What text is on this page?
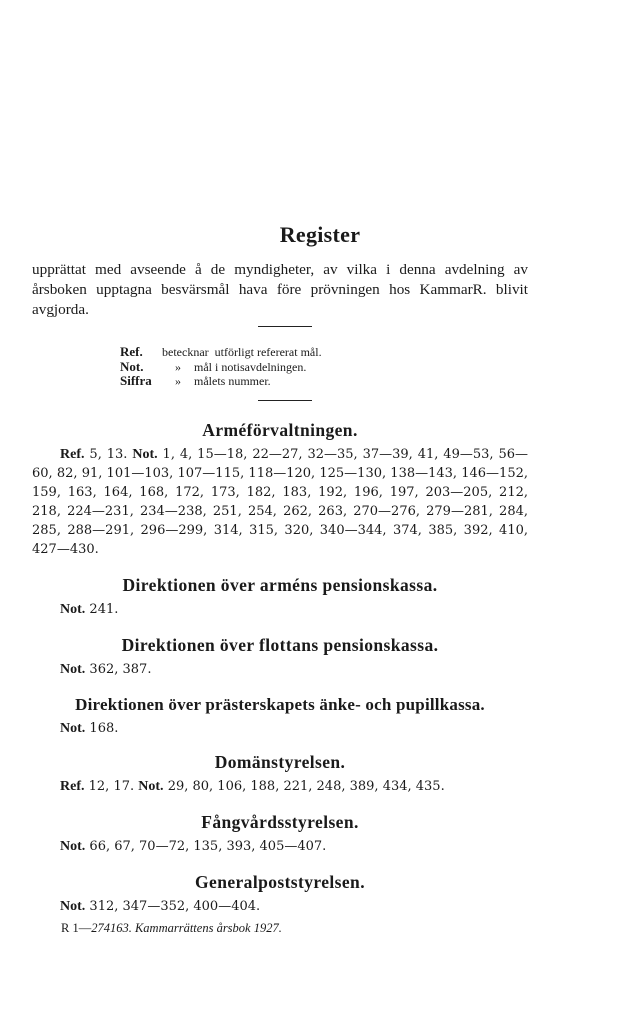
Register

upprättat med avseende å de myndigheter, av vilka i denna avdelning av årsboken upptagna besvärsmål hava före prövningen hos KammarR. blivit avgjorda.

Ref.	betecknar utförligt refererat mål.
Not.	»	mål i notisavdelningen.
Siffra	»	målets nummer.
Arméförvaltningen.
Ref. 5, 13. Not. 1, 4, 15—18, 22—27, 32—35, 37—39, 41, 49—53, 56—60, 82, 91, 101—103, 107—115, 118—120, 125—130, 138—143, 146—152, 159, 163, 164, 168, 172, 173, 182, 183, 192, 196, 197, 203—205, 212, 218, 224—231, 234—238, 251, 254, 262, 263, 270—276, 279—281, 284, 285, 288—291, 296—299, 314, 315, 320, 340—344, 374, 385, 392, 410, 427—430.
Direktionen över arméns pensionskassa.
Not. 241.
Direktionen över flottans pensionskassa.
Not. 362, 387.
Direktionen över prästerskapets änke- och pupillkassa.
Not. 168.
Domänstyrelsen.
Ref. 12, 17. Not. 29, 80, 106, 188, 221, 248, 389, 434, 435.
Fångvårdsstyrelsen.
Not. 66, 67, 70—72, 135, 393, 405—407.
Generalpoststyrelsen.
Not. 312, 347—352, 400—404.
R 1—274163. Kammarrättens årsbok 1927.
